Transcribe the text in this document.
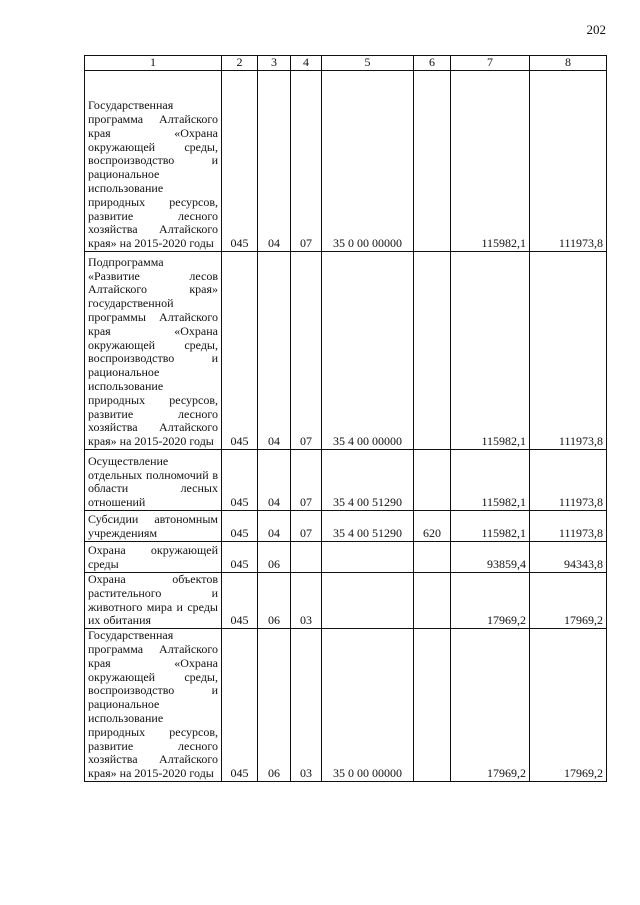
202
1	2	3	4	5	6	7	8
Государственная программа Алтайского края «Охрана окружающей среды, воспроизводство и рациональное использование природных ресурсов, развитие лесного хозяйства Алтайского края» на 2015-2020 годы	045	04	07	35 0 00 00000		115982,1	111973,8
Подпрограмма «Развитие лесов Алтайского края» государственной программы Алтайского края «Охрана окружающей среды, воспроизводство и рациональное использование природных ресурсов, развитие лесного хозяйства Алтайского края» на 2015-2020 годы	045	04	07	35 4 00 00000		115982,1	111973,8
Осуществление отдельных полномочий в области лесных отношений	045	04	07	35 4 00 51290		115982,1	111973,8
Субсидии автономным учреждениям	045	04	07	35 4 00 51290	620	115982,1	111973,8
Охрана окружающей среды	045	06				93859,4	94343,8
Охрана объектов растительного и животного мира и среды их обитания	045	06	03			17969,2	17969,2
Государственная программа Алтайского края «Охрана окружающей среды, воспроизводство и рациональное использование природных ресурсов, развитие лесного хозяйства Алтайского края» на 2015-2020 годы	045	06	03	35 0 00 00000		17969,2	17969,2
